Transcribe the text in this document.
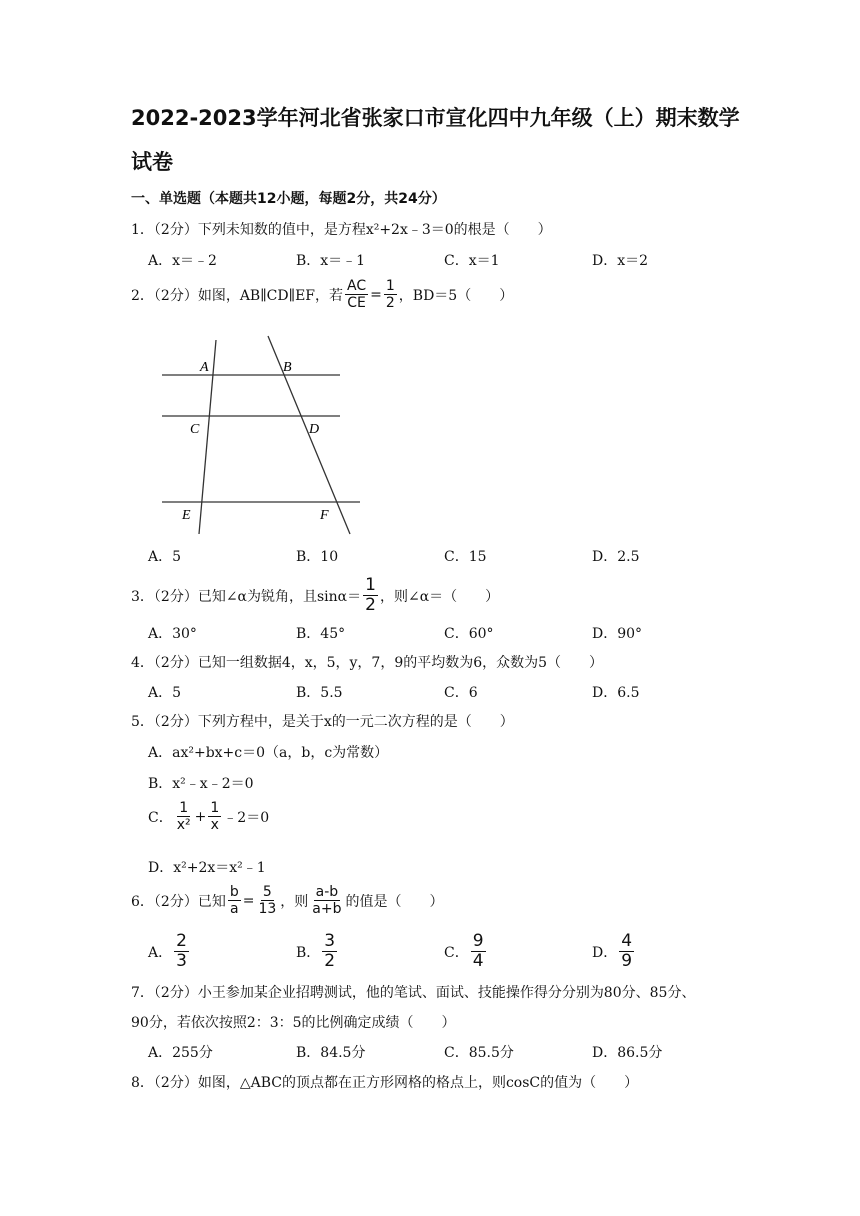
2022-2023学年河北省张家口市宣化四中九年级（上）期末数学试卷
一、单选题（本题共12小题，每题2分，共24分）
1．（2分）下列未知数的值中，是方程x²+2x﹣3＝0的根是（　　）
A．x＝﹣2	B．x＝﹣1	C．x＝1	D．x＝2
2．（2分）如图，AB∥CD∥EF，若 $\frac{AC}{CE} = \frac{1}{2}$ ，BD＝5（　　）
A	B
C	D
E	F
A．5	B．10	C．15	D．2.5
3．（2分）已知∠α为锐角，且$\sin\alpha= \frac{1}{2}$ ，则∠α＝（　　）
A．30°	B．45°	C．60°	D．90°
4．（2分）已知一组数据4，x，5，y，7，9的平均数为6，众数为5（　　）
A．5	B．5.5	C．6	D．6.5
5．（2分）下列方程中，是关于x的一元二次方程的是（　　）
A．ax²+bx+c＝0（a，b，c为常数）
B．x²﹣x﹣2＝0
C． $\frac{1}{\text{x²}} + \frac{1}{x}$ ﹣2＝0
D．x²+2x＝x²﹣1
6．（2分）已知 $\frac{b}{a} = \frac{5}{13}$ ，则 $\frac{a-b}{a+b}$ 的值是（　　）
A． $\frac{2}{3}$	B． $\frac{3}{2}$	C． $\frac{9}{4}$	D． $\frac{4}{9}$
7．（2分）小王参加某企业招聘测试，他的笔试、面试、技能操作得分分别为80分、85分、
90分，若依次按照2：3：5的比例确定成绩（　　）
A．255分	B．84.5分	C．85.5分	D．86.5分
8．（2分）如图，△ABC的顶点都在正方形网格的格点上，则cosC的值为（　　）
